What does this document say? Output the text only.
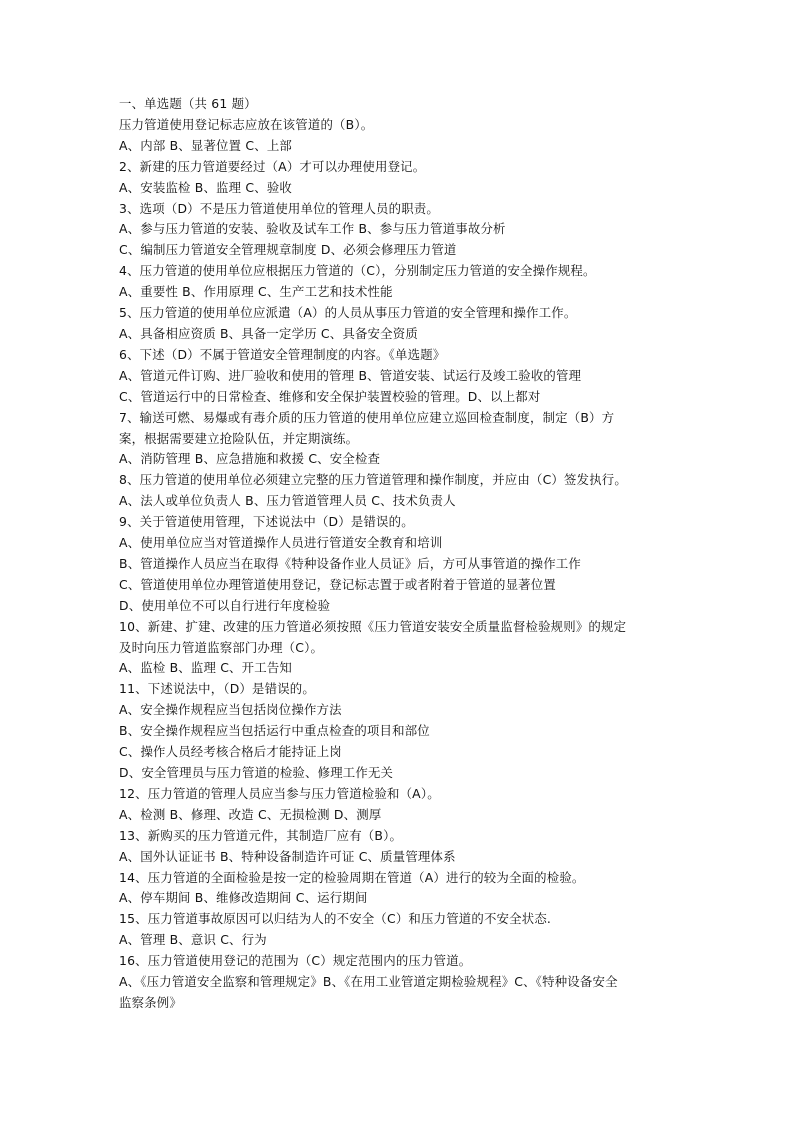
一、单选题（共 61 题）
压力管道使用登记标志应放在该管道的（B）。
A、内部 B、显著位置 C、上部
2、新建的压力管道要经过（A）才可以办理使用登记。
A、安装监检 B、监理 C、验收
3、选项（D）不是压力管道使用单位的管理人员的职责。
A、参与压力管道的安装、验收及试车工作 B、参与压力管道事故分析
C、编制压力管道安全管理规章制度 D、必须会修理压力管道
4、压力管道的使用单位应根据压力管道的（C），分别制定压力管道的安全操作规程。
A、重要性 B、作用原理 C、生产工艺和技术性能
5、压力管道的使用单位应派遣（A）的人员从事压力管道的安全管理和操作工作。
A、具备相应资质 B、具备一定学历 C、具备安全资质
6、下述（D）不属于管道安全管理制度的内容。《单选题》
A、管道元件订购、进厂验收和使用的管理 B、管道安装、试运行及竣工验收的管理
C、管道运行中的日常检查、维修和安全保护装置校验的管理。D、以上都对
7、输送可燃、易爆或有毒介质的压力管道的使用单位应建立巡回检查制度，制定（B）方
案，根据需要建立抢险队伍，并定期演练。
A、消防管理 B、应急措施和救援 C、安全检查
8、压力管道的使用单位必须建立完整的压力管道管理和操作制度，并应由（C）签发执行。
A、法人或单位负责人 B、压力管道管理人员 C、技术负责人
9、关于管道使用管理，下述说法中（D）是错误的。
A、使用单位应当对管道操作人员进行管道安全教育和培训
B、管道操作人员应当在取得《特种设备作业人员证》后，方可从事管道的操作工作
C、管道使用单位办理管道使用登记，登记标志置于或者附着于管道的显著位置
D、使用单位不可以自行进行年度检验
10、新建、扩建、改建的压力管道必须按照《压力管道安装安全质量监督检验规则》的规定
及时向压力管道监察部门办理（C）。
A、监检 B、监理 C、开工告知
11、下述说法中，（D）是错误的。
A、安全操作规程应当包括岗位操作方法
B、安全操作规程应当包括运行中重点检查的项目和部位
C、操作人员经考核合格后才能持证上岗
D、安全管理员与压力管道的检验、修理工作无关
12、压力管道的管理人员应当参与压力管道检验和（A）。
A、检测 B、修理、改造 C、无损检测 D、测厚
13、新购买的压力管道元件，其制造厂应有（B）。
A、国外认证证书 B、特种设备制造许可证 C、质量管理体系
14、压力管道的全面检验是按一定的检验周期在管道（A）进行的较为全面的检验。
A、停车期间 B、维修改造期间 C、运行期间
15、压力管道事故原因可以归结为人的不安全（C）和压力管道的不安全状态.
A、管理 B、意识 C、行为
16、压力管道使用登记的范围为（C）规定范围内的压力管道。
A、《压力管道安全监察和管理规定》B、《在用工业管道定期检验规程》C、《特种设备安全
监察条例》
